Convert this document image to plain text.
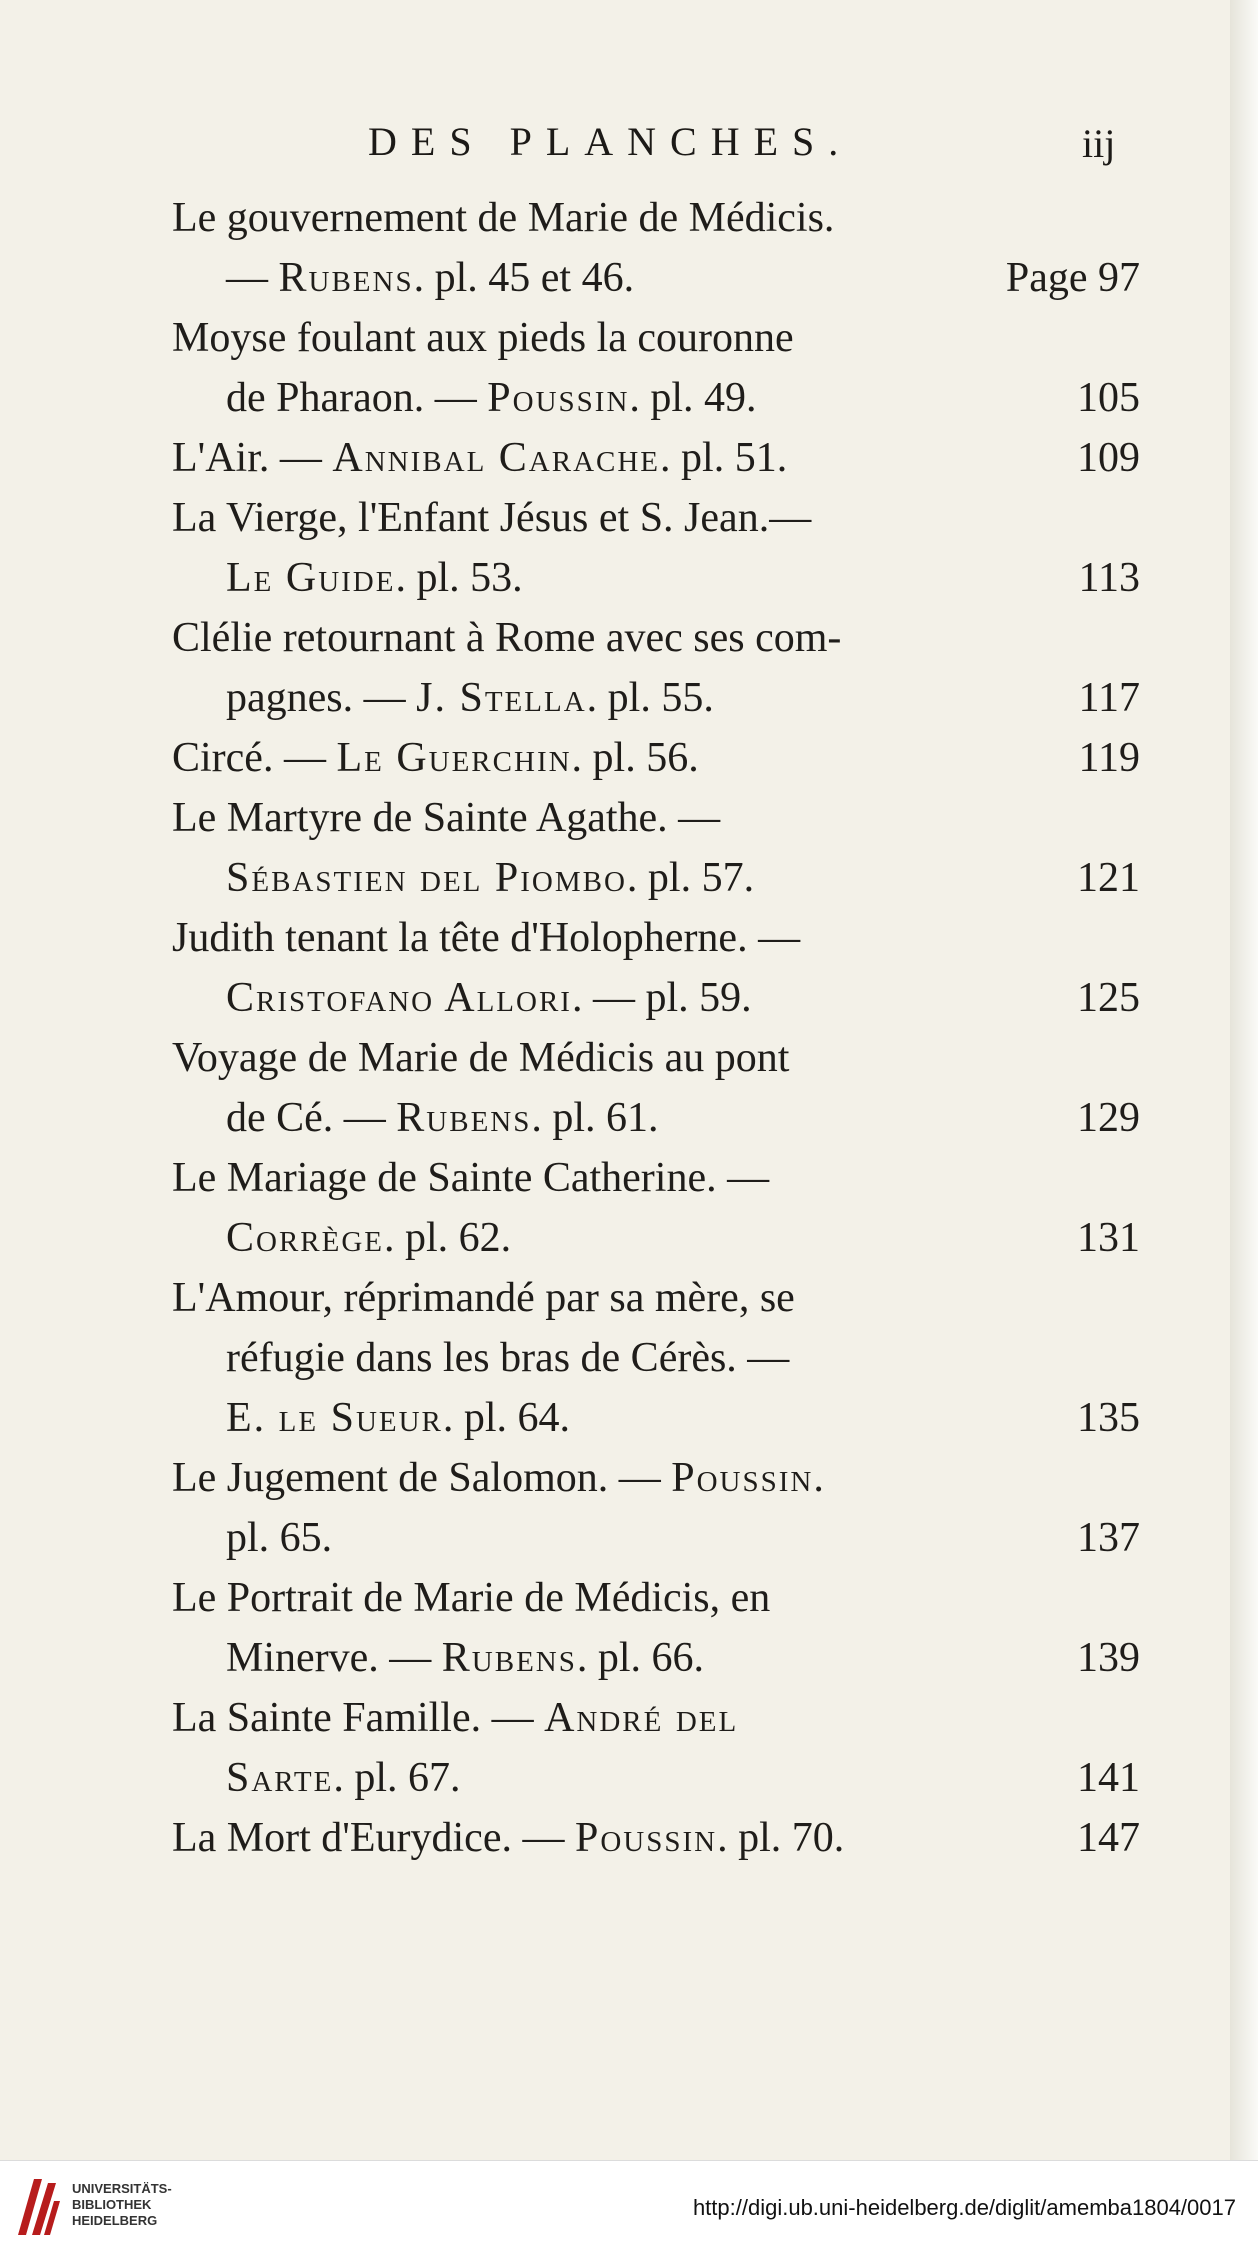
DES PLANCHES.	iij
Le gouvernement de Marie de Médicis.
— Rubens. pl. 45 et 46.	Page 97
Moyse foulant aux pieds la couronne
de Pharaon. — Poussin. pl. 49.	105
L'Air. — Annibal Carache. pl. 51.	109
La Vierge, l'Enfant Jésus et S. Jean.—
Le Guide. pl. 53.	113
Clélie retournant à Rome avec ses com-
pagnes. — J. Stella. pl. 55.	117
Circé. — Le Guerchin. pl. 56.	119
Le Martyre de Sainte Agathe. —
Sébastien del Piombo. pl. 57.	121
Judith tenant la tête d'Holopherne. —
Cristofano Allori. — pl. 59.	125
Voyage de Marie de Médicis au pont
de Cé. — Rubens. pl. 61.	129
Le Mariage de Sainte Catherine. —
Corrège. pl. 62.	131
L'Amour, réprimandé par sa mère, se
réfugie dans les bras de Cérès. —
E. le Sueur. pl. 64.	135
Le Jugement de Salomon. — Poussin.
pl. 65.	137
Le Portrait de Marie de Médicis, en
Minerve. — Rubens. pl. 66.	139
La Sainte Famille. — André del
Sarte. pl. 67.	141
La Mort d'Eurydice. — Poussin. pl. 70.	147
UNIVERSITÄTS-
BIBLIOTHEK
HEIDELBERG
http://digi.ub.uni-heidelberg.de/diglit/amemba1804/0017
